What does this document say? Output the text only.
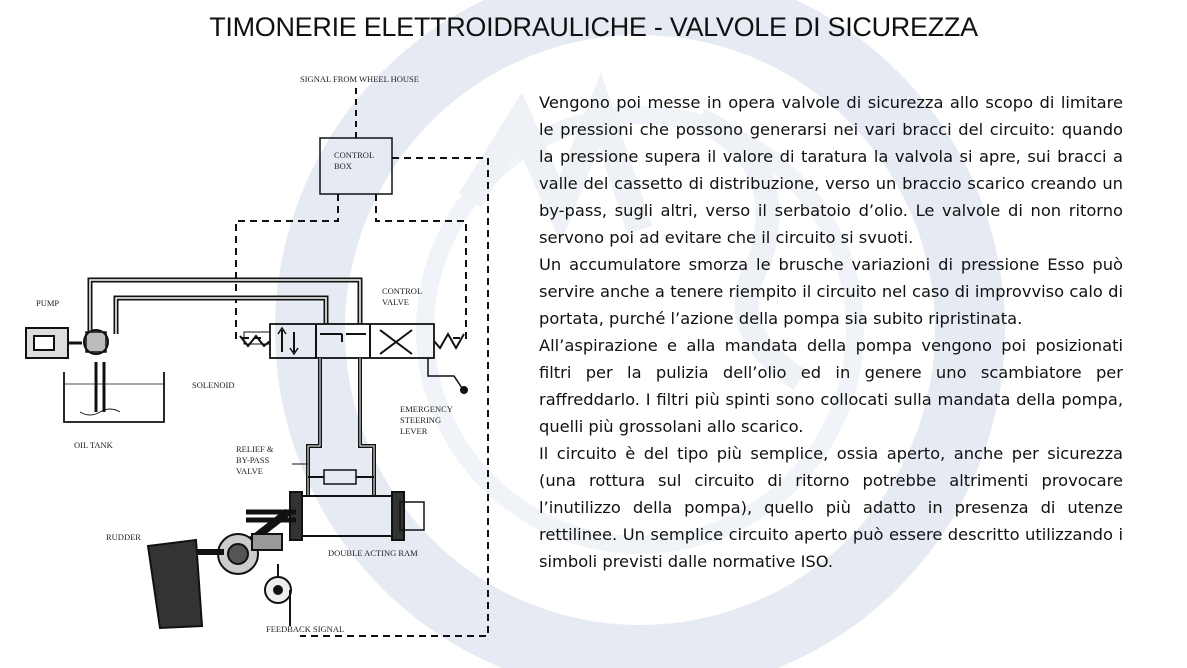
TIMONERIE ELETTROIDRAULICHE - VALVOLE DI SICUREZZA
SIGNAL FROM WHEEL HOUSE
CONTROL
BOX
CONTROL
VALVE
PUMP
SOLENOID
OIL TANK
EMERGENCY
STEERING
LEVER
RELIEF &
BY-PASS
VALVE
RUDDER
DOUBLE ACTING RAM
FEEDBACK SIGNAL

Vengono poi messe in opera valvole di sicurezza allo scopo di limitare le pressioni che possono generarsi nei vari bracci del circuito: quando la pressione supera il valore di taratura la valvola si apre, sui bracci a valle del cassetto di distribuzione, verso un braccio scarico creando un by-pass, sugli altri, verso il serbatoio d’olio. Le valvole di non ritorno servono poi ad evitare che il circuito si svuoti.

Un accumulatore smorza le brusche variazioni di pressione Esso può servire anche a tenere riempito il circuito nel caso di improvviso calo di portata, purché l’azione della pompa sia subito ripristinata.

All’aspirazione e alla mandata della pompa vengono poi posizionati filtri per la pulizia dell’olio ed in genere uno scambiatore per raffreddarlo. I filtri più spinti sono collocati sulla mandata della pompa, quelli più grossolani allo scarico.

Il circuito è del tipo più semplice, ossia aperto, anche per sicurezza (una rottura sul circuito di ritorno potrebbe altrimenti provocare l’inutilizzo della pompa), quello più adatto in presenza di utenze rettilinee. Un semplice circuito aperto può essere descritto utilizzando i simboli previsti dalle normative ISO.
